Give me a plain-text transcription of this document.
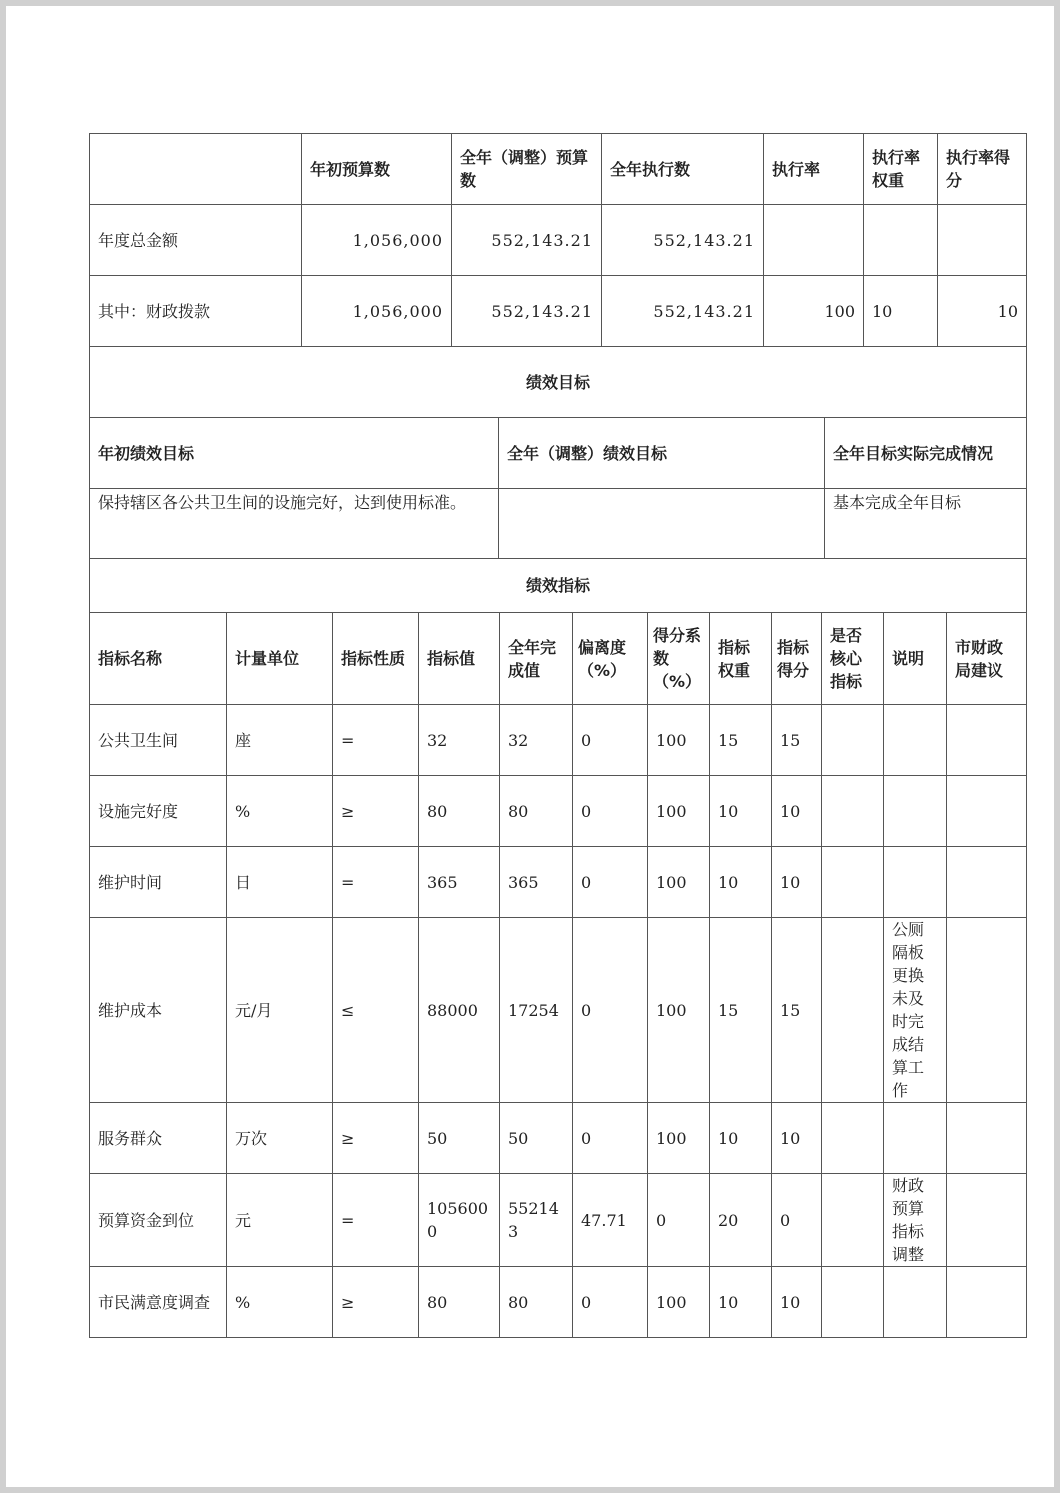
	年初预算数	全年（调整）预算数	全年执行数	执行率	执行率权重	执行率得分
年度总金额	1,056,000	552,143.21	552,143.21			
其中：财政拨款	1,056,000	552,143.21	552,143.21	100	10	10
绩效目标		
年初绩效目标	全年（调整）绩效目标	全年目标实际完成情况
保持辖区各公共卫生间的设施完好，达到使用标准。		基本完成全年目标
绩效指标											
指标名称	计量单位	指标性质	指标值	全年完成值	偏离度（%）	得分系数（%）	指标权重	指标得分	是否核心指标	说明	市财政局建议
公共卫生间	座	=	32	32	0	100	15	15			
设施完好度	%	≥	80	80	0	100	10	10			
维护时间	日	=	365	365	0	100	10	10			
维护成本	元/月	≤	88000	17254	0	100	15	15		公厕隔板更换未及时完成结算工作	
服务群众	万次	≥	50	50	0	100	10	10			
预算资金到位	元	=	1056000	552143	47.71	0	20	0		财政预算指标调整	
市民满意度调查	%	≥	80	80	0	100	10	10			
